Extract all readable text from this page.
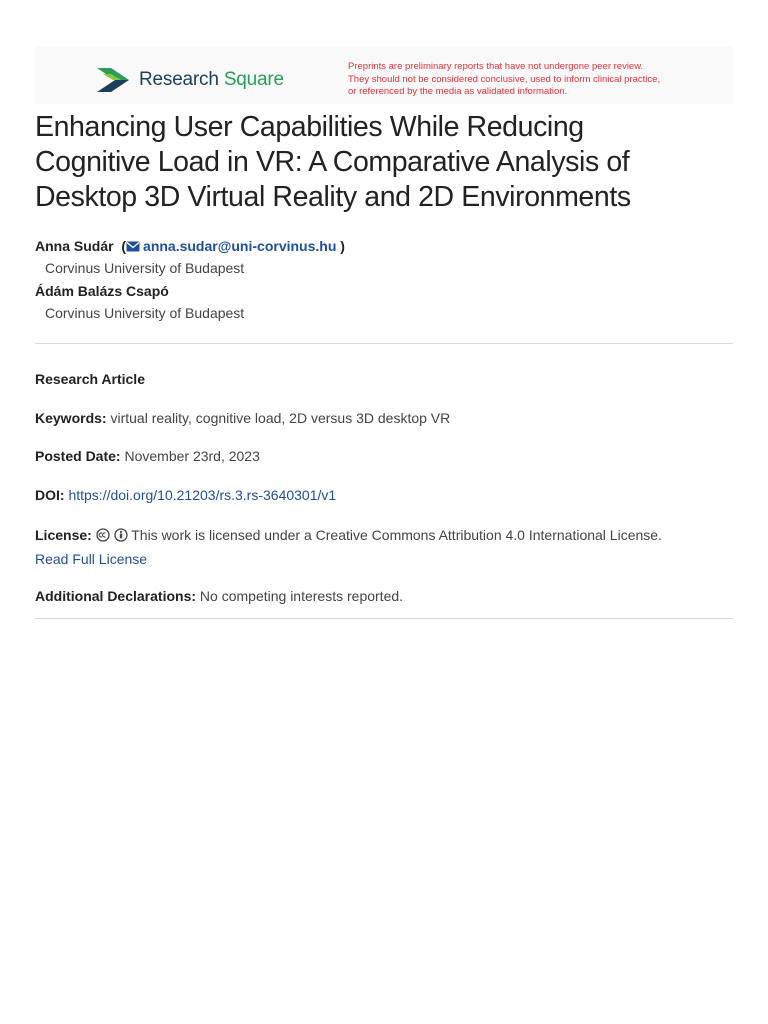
Research Square
Preprints are preliminary reports that have not undergone peer review.
They should not be considered conclusive, used to inform clinical practice,
or referenced by the media as validated information.
Enhancing User Capabilities While Reducing
Cognitive Load in VR: A Comparative Analysis of
Desktop 3D Virtual Reality and 2D Environments
Anna Sudár  ( anna.sudar@uni-corvinus.hu )
Corvinus University of Budapest
Ádám Balázs Csapó
Corvinus University of Budapest
Research Article
Keywords: virtual reality, cognitive load, 2D versus 3D desktop VR
Posted Date: November 23rd, 2023
DOI: https://doi.org/10.21203/rs.3.rs-3640301/v1
License:	This work is licensed under a Creative Commons Attribution 4.0 International License.
Read Full License
Additional Declarations: No competing interests reported.
